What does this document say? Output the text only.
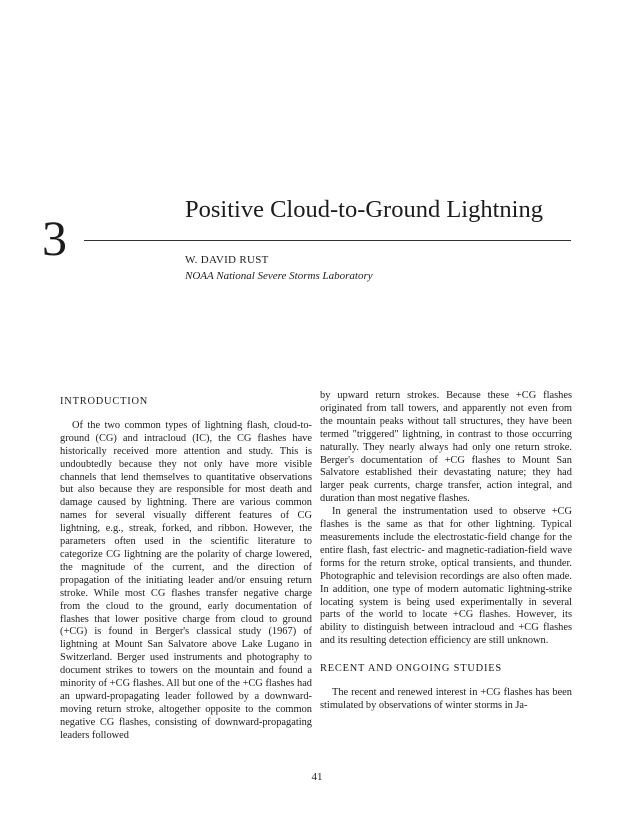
Positive Cloud-to-Ground Lightning
3	W. DAVID RUST
NOAA National Severe Storms Laboratory
INTRODUCTION

Of the two common types of lightning flash, cloud-to-ground (CG) and intracloud (IC), the CG flashes have historically received more attention and study. This is undoubtedly because they not only have more visible channels that lend themselves to quantitative observations but also because they are responsible for most death and damage caused by lightning. There are various common names for several visually different features of CG lightning, e.g., streak, forked, and ribbon. However, the parameters often used in the scientific literature to categorize CG lightning are the polarity of charge lowered, the magnitude of the current, and the direction of propagation of the initiating leader and/or ensuing return stroke. While most CG flashes transfer negative charge from the cloud to the ground, early documentation of flashes that lower positive charge from cloud to ground (+CG) is found in Berger's classical study (1967) of lightning at Mount San Salvatore above Lake Lugano in Switzerland. Berger used instruments and photography to document strikes to towers on the mountain and found a minority of +CG flashes. All but one of the +CG flashes had an upward-propagating leader followed by a downward-moving return stroke, altogether opposite to the common negative CG flashes, consisting of downward-propagating leaders followed

by upward return strokes. Because these +CG flashes originated from tall towers, and apparently not even from the mountain peaks without tall structures, they have been termed "triggered" lightning, in contrast to those occurring naturally. They nearly always had only one return stroke. Berger's documentation of +CG flashes to Mount San Salvatore established their devastating nature; they had larger peak currents, charge transfer, action integral, and duration than most negative flashes.

In general the instrumentation used to observe +CG flashes is the same as that for other lightning. Typical measurements include the electrostatic-field change for the entire flash, fast electric- and magnetic-radiation-field wave forms for the return stroke, optical transients, and thunder. Photographic and television recordings are also often made. In addition, one type of modern automatic lightning-strike locating system is being used experimentally in several parts of the world to locate +CG flashes. However, its ability to distinguish between intracloud and +CG flashes and its resulting detection efficiency are still unknown.

RECENT AND ONGOING STUDIES

The recent and renewed interest in +CG flashes has been stimulated by observations of winter storms in Ja-

41
